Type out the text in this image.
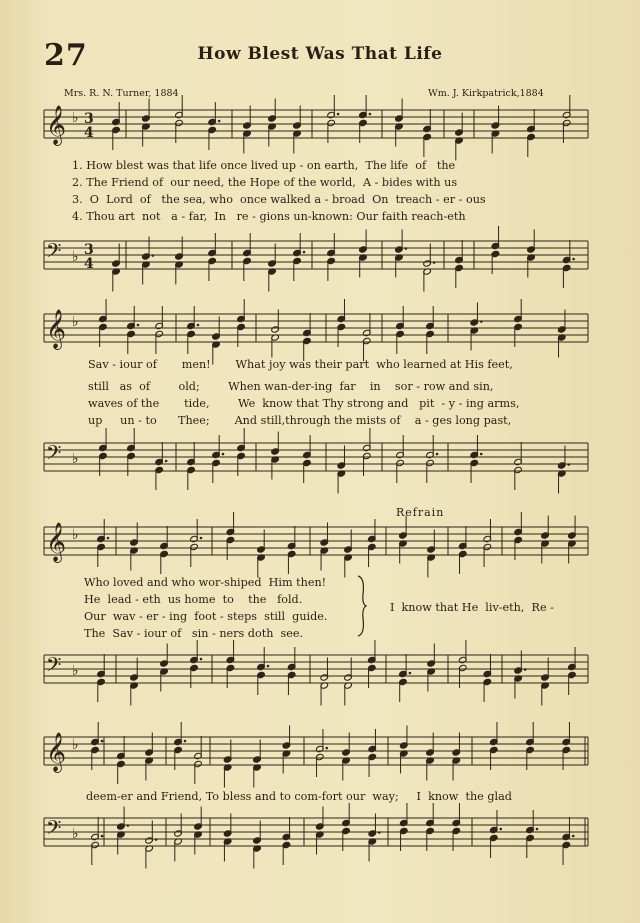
27	How Blest Was That Life
Mrs. R. N. Turner, 1884	Wm. J. Kirkpatrick,1884
𝄞 ♭ 3
4
𝄢 ♭ 3
4
𝄞 ♭
𝄢 ♭
𝄞 ♭
𝄢 ♭
𝄞 ♭
𝄢 ♭
1. How blest was that life once lived up - on earth,  The life  of   the
2. The Friend of  our need, the Hope of the world,  A - bides with us
3.  O  Lord  of   the sea, who  once walked a - broad  On  treach - er - ous
4. Thou art  not   a - far,  In   re - gions un-known: Our faith reach-eth
Sav - iour of       men!       What joy was their part  who learned at His feet,
still   as  of        old;        When wan-der-ing  far    in    sor - row and sin,
waves of the       tide,        We  know that Thy strong and   pit  - y - ing arms,
up     un - to      Thee;       And still,through the mists of    a - ges long past,
Refrain
Who loved and who wor-shiped  Him then!
He  lead - eth  us home  to    the   fold.
Our  wav - er - ing  foot - steps  still  guide.
The  Sav - iour of   sin - ners doth  see.
I  know that He  liv-eth,  Re -
deem-er and Friend, To bless and to com-fort our  way;     I  know  the glad
